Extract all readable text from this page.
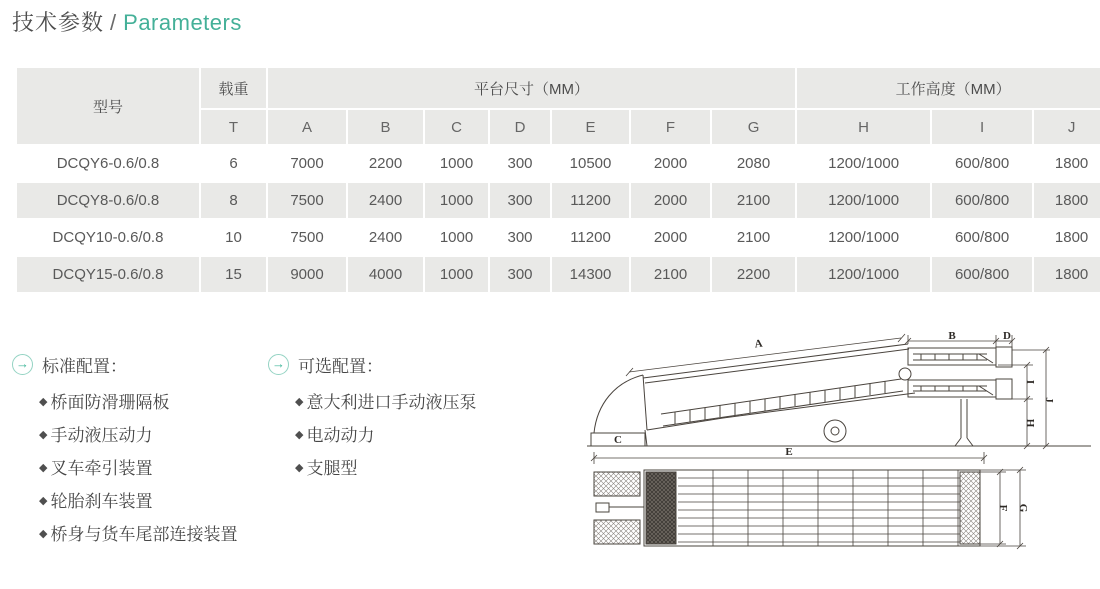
技术参数 / Parameters
型号	载重	平台尺寸（MM）							工作高度（MM）		
	T	A	B	C	D	E	F	G	H	I	J
DCQY6-0.6/0.8	6	7000	2200	1000	300	10500	2000	2080	1200/1000	600/800	1800
DCQY8-0.6/0.8	8	7500	2400	1000	300	11200	2000	2100	1200/1000	600/800	1800
DCQY10-0.6/0.8	10	7500	2400	1000	300	11200	2000	2100	1200/1000	600/800	1800
DCQY15-0.6/0.8	15	9000	4000	1000	300	14300	2100	2200	1200/1000	600/800	1800
→ 标准配置：
◆ 桥面防滑珊隔板
◆ 手动液压动力
◆ 叉车牵引装置
◆ 轮胎刹车装置
◆ 桥身与货车尾部连接装置
→ 可选配置：
◆ 意大利进口手动液压泵
◆ 电动动力
◆ 支腿型
A
B	D
C
I
H
J
E
F G
